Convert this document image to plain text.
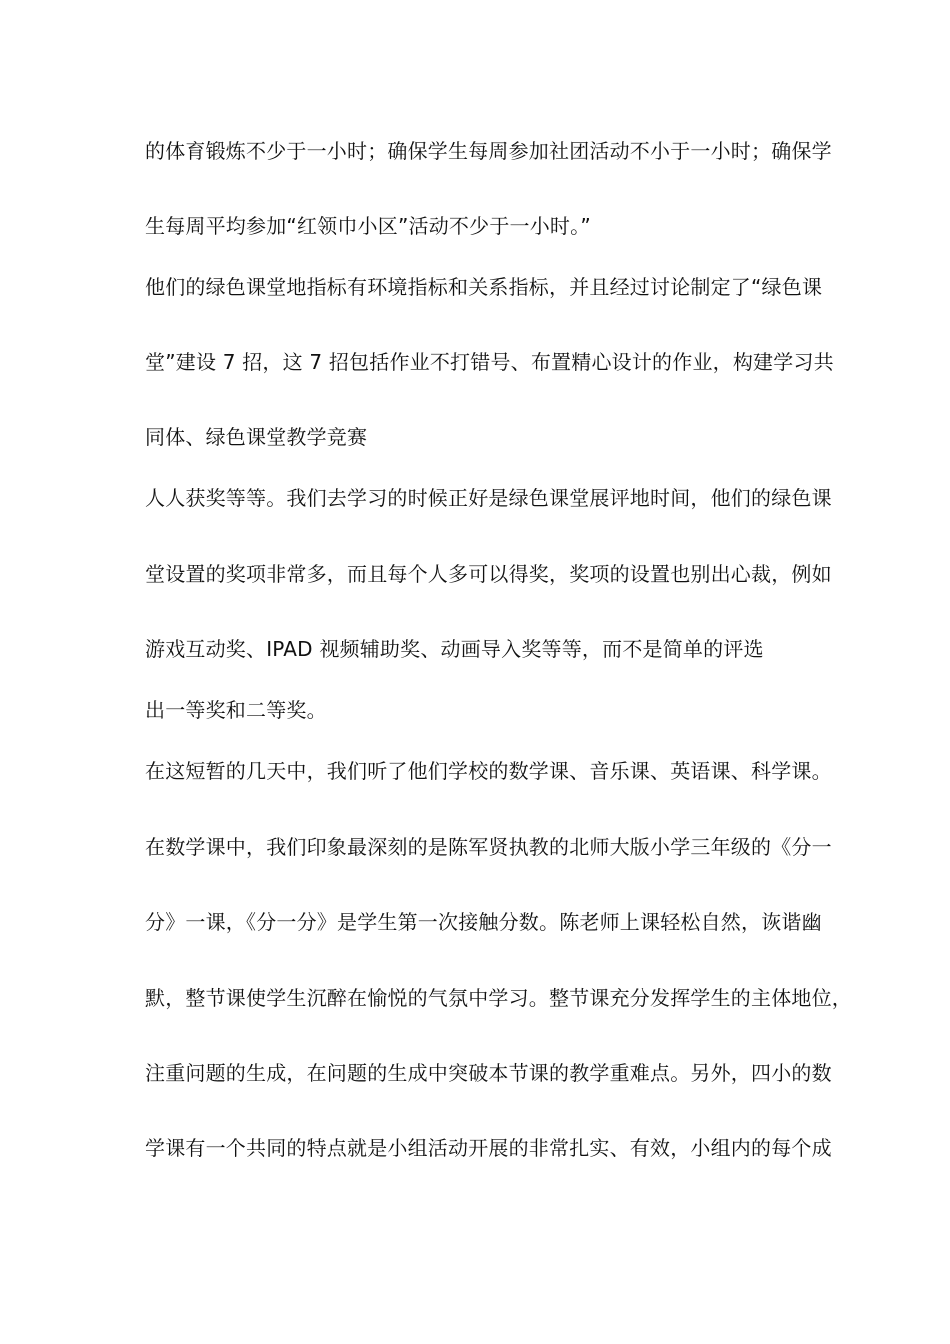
的体育锻炼不少于一小时；确保学生每周参加社团活动不小于一小时；确保学
生每周平均参加“红领巾小区”活动不少于一小时。”
他们的绿色课堂地指标有环境指标和关系指标，并且经过讨论制定了“绿色课
堂”建设 7 招，这 7 招包括作业不打错号、布置精心设计的作业，构建学习共
同体、绿色课堂教学竞赛
人人获奖等等。我们去学习的时候正好是绿色课堂展评地时间，他们的绿色课
堂设置的奖项非常多，而且每个人多可以得奖，奖项的设置也别出心裁，例如
游戏互动奖、IPAD 视频辅助奖、动画导入奖等等，而不是简单的评选
出一等奖和二等奖。
在这短暂的几天中，我们听了他们学校的数学课、音乐课、英语课、科学课。
在数学课中，我们印象最深刻的是陈军贤执教的北师大版小学三年级的《分一
分》一课，《分一分》是学生第一次接触分数。陈老师上课轻松自然，诙谐幽
默，整节课使学生沉醉在愉悦的气氛中学习。整节课充分发挥学生的主体地位，
注重问题的生成，在问题的生成中突破本节课的教学重难点。另外，四小的数
学课有一个共同的特点就是小组活动开展的非常扎实、有效，小组内的每个成
